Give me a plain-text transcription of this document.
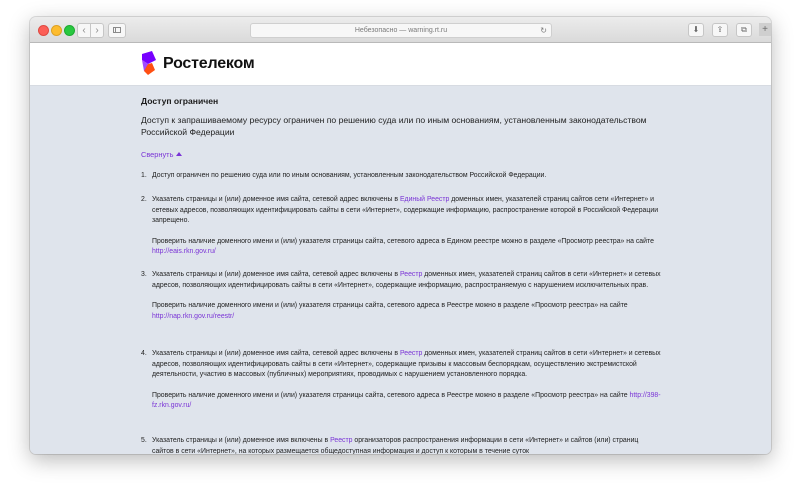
‹ ›	Небезопасно — warning.rt.ru	↻	⬇	⇪	⧉	+
Ростелеком
Доступ ограничен
Доступ к запрашиваемому ресурсу ограничен по решению суда или по иным основаниям, установленным законодательством Российской Федерации
Свернуть
1. Доступ ограничен по решению суда или по иным основаниям, установленным законодательством Российской Федерации.

2. Указатель страницы и (или) доменное имя сайта, сетевой адрес включены в Единый Реестр доменных имен, указателей страниц сайтов сети «Интернет» и сетевых адресов, позволяющих идентифицировать сайты в сети «Интернет», содержащие информацию, распространение которой в Российской Федерации запрещено.

Проверить наличие доменного имени и (или) указателя страницы сайта, сетевого адреса в Едином реестре можно в разделе «Просмотр реестра» на сайте http://eais.rkn.gov.ru/

3. Указатель страницы и (или) доменное имя сайта, сетевой адрес включены в Реестр доменных имен, указателей страниц сайтов в сети «Интернет» и сетевых адресов, позволяющих идентифицировать сайты в сети «Интернет», содержащие информацию, распространяемую с нарушением исключительных прав.

Проверить наличие доменного имени и (или) указателя страницы сайта, сетевого адреса в Реестре можно в разделе «Просмотр реестра» на сайте http://nap.rkn.gov.ru/reestr/

4. Указатель страницы и (или) доменное имя сайта, сетевой адрес включены в Реестр доменных имен, указателей страниц сайтов в сети «Интернет» и сетевых адресов, позволяющих идентифицировать сайты в сети «Интернет», содержащие призывы к массовым беспорядкам, осуществлению экстремистской деятельности, участию в массовых (публичных) мероприятиях, проводимых с нарушением установленного порядка.

Проверить наличие доменного имени и (или) указателя страницы сайта, сетевого адреса в Реестре можно в разделе «Просмотр реестра» на сайте http://398-fz.rkn.gov.ru/

5. Указатель страницы и (или) доменное имя включены в Реестр организаторов распространения информации в сети «Интернет» и сайтов (или) страниц сайтов в сети «Интернет», на которых размещается общедоступная информация и доступ к которым в течение суток
